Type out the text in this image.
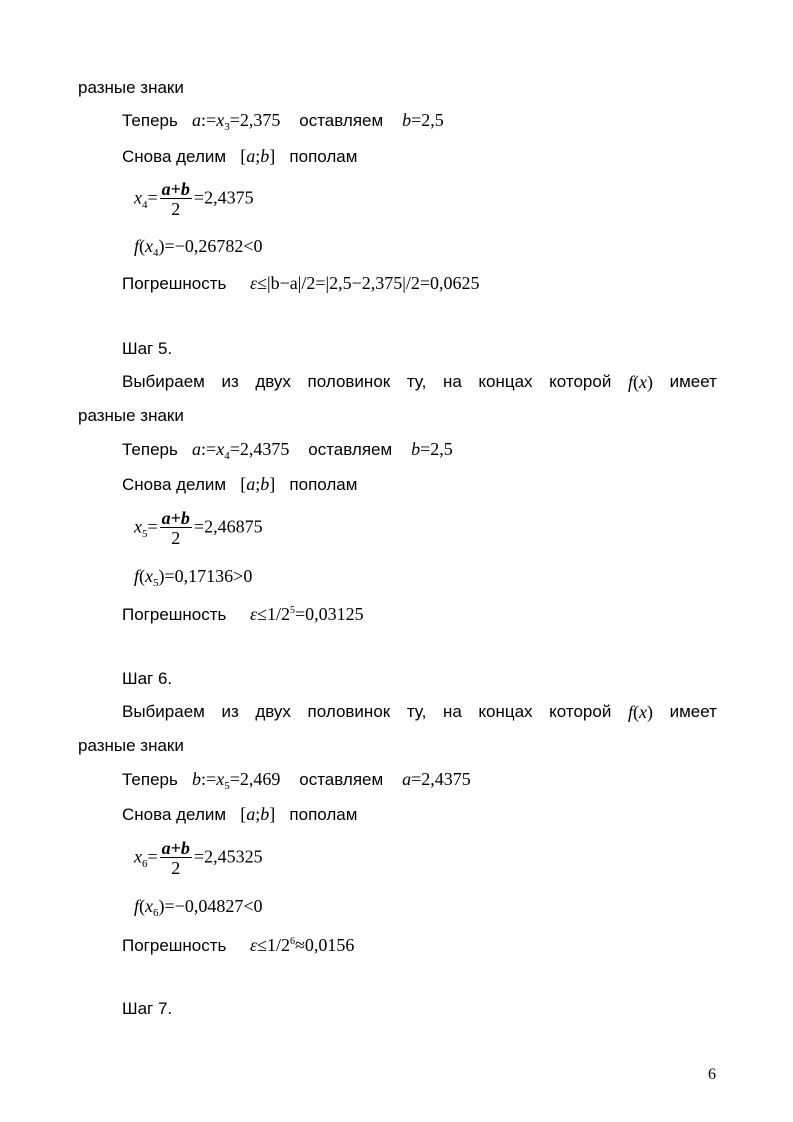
разные знаки
Теперь $a:=x_3=2,375$ оставляем b=2,5
Снова делим [a;b] пополам
$x_4= \frac{a+b}{2} =2,4375$
$f(x_4)=-0,26782<0$
Погрешность ε≤|b−a|/2=|2,5−2,375|/2=0,0625
Шаг 5.
Выбираем из двух половинок ту, на концах которой f(x) имеет
разные знаки
Теперь $a:=x_4=2,4375$ оставляем b=2,5
Снова делим [a;b] пополам
$x_5= \frac{a+b}{2} =2,46875$
$f(x_5)=0,17136>0$
Погрешность $\varepsilon\le 1/2^5=0,03125$
Шаг 6.
Выбираем из двух половинок ту, на концах которой f(x) имеет
разные знаки
Теперь $b:=x_5=2,469$ оставляем a=2,4375
Снова делим [a;b] пополам
$x_6= \frac{a+b}{2} =2,45325$
$f(x_6)=-0,04827<0$
Погрешность $\varepsilon\le 1/2^6\approx 0,0156$
Шаг 7.
6
